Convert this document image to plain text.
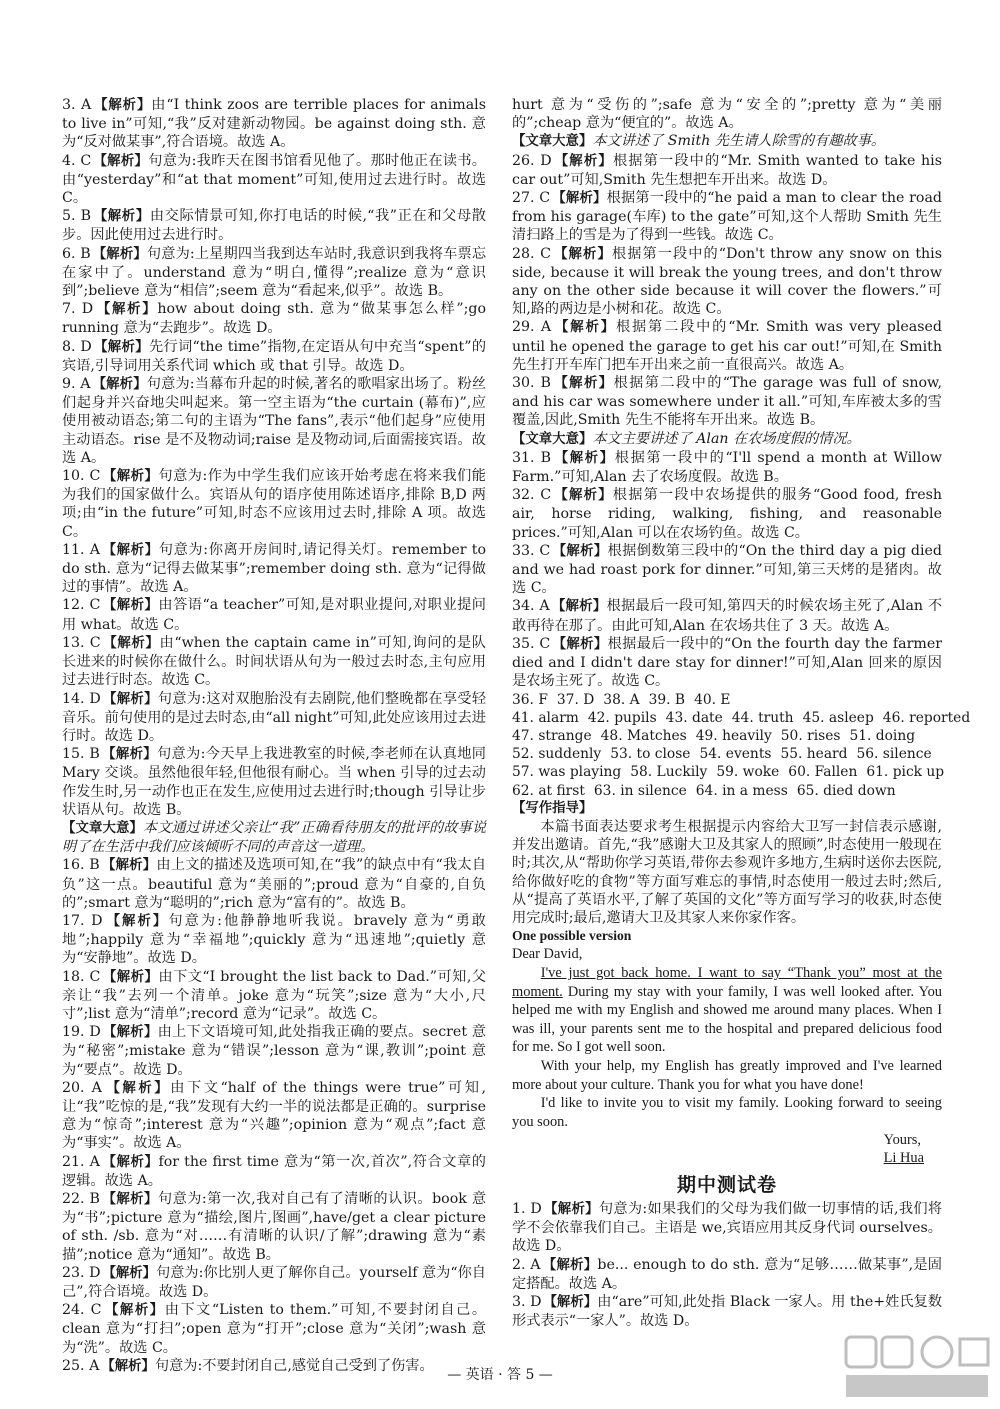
3. A 【解析】由“I think zoos are terrible places for animals to live in”可知,“我”反对建新动物园。be against doing sth. 意为“反对做某事”,符合语境。故选 A。

4. C 【解析】句意为:我昨天在图书馆看见他了。那时他正在读书。由“yesterday”和“at that moment”可知,使用过去进行时。故选 C。

5. B 【解析】由交际情景可知,你打电话的时候,“我”正在和父母散步。因此使用过去进行时。

6. B 【解析】句意为:上星期四当我到达车站时,我意识到我将车票忘在家中了。understand 意为“明白,懂得”;realize 意为“意识到”;believe 意为“相信”;seem 意为“看起来,似乎”。故选 B。

7. D 【解析】how about doing sth. 意为“做某事怎么样”;go running 意为“去跑步”。故选 D。

8. D 【解析】先行词“the time”指物,在定语从句中充当“spent”的宾语,引导词用关系代词 which 或 that 引导。故选 D。

9. A 【解析】句意为:当幕布升起的时候,著名的歌唱家出场了。粉丝们起身并兴奋地尖叫起来。第一空主语为“the curtain (幕布)”,应使用被动语态;第二句的主语为“The fans”,表示“他们起身”应使用主动语态。rise 是不及物动词;raise 是及物动词,后面需接宾语。故选 A。

10. C 【解析】句意为:作为中学生我们应该开始考虑在将来我们能为我们的国家做什么。宾语从句的语序使用陈述语序,排除 B,D 两项;由“in the future”可知,时态不应该用过去时,排除 A 项。故选 C。

11. A 【解析】句意为:你离开房间时,请记得关灯。remember to do sth. 意为“记得去做某事”;remember doing sth. 意为“记得做过的事情”。故选 A。

12. C 【解析】由答语“a teacher”可知,是对职业提问,对职业提问用 what。故选 C。

13. C 【解析】由“when the captain came in”可知,询问的是队长进来的时候你在做什么。时间状语从句为一般过去时态,主句应用过去进行时态。故选 C。

14. D 【解析】句意为:这对双胞胎没有去剧院,他们整晚都在享受轻音乐。前句使用的是过去时态,由“all night”可知,此处应该用过去进行时。故选 D。

15. B 【解析】句意为:今天早上我进教室的时候,李老师在认真地同 Mary 交谈。虽然他很年轻,但他很有耐心。当 when 引导的过去动作发生时,另一动作也正在发生,应使用过去进行时;though 引导让步状语从句。故选 B。

【文章大意】本文通过讲述父亲让“我”正确看待朋友的批评的故事说明了在生活中我们应该倾听不同的声音这一道理。

16. B 【解析】由上文的描述及选项可知,在“我”的缺点中有“我太自负”这一点。beautiful 意为“美丽的”;proud 意为“自豪的,自负的”;smart 意为“聪明的”;rich 意为“富有的”。故选 B。

17. D 【解析】句意为:他静静地听我说。bravely 意为“勇敢地”;happily 意为“幸福地”;quickly 意为“迅速地”;quietly 意为“安静地”。故选 D。

18. C 【解析】由下文“I brought the list back to Dad.”可知,父亲让“我”去列一个清单。joke 意为“玩笑”;size 意为“大小,尺寸”;list 意为“清单”;record 意为“记录”。故选 C。

19. D 【解析】由上下文语境可知,此处指我正确的要点。secret 意为“秘密”;mistake 意为“错误”;lesson 意为“课,教训”;point 意为“要点”。故选 D。

20. A 【解析】由下文“half of the things were true”可知,让“我”吃惊的是,“我”发现有大约一半的说法都是正确的。surprise 意为“惊奇”;interest 意为“兴趣”;opinion 意为“观点”;fact 意为“事实”。故选 A。

21. A 【解析】for the first time 意为“第一次,首次”,符合文章的逻辑。故选 A。

22. B 【解析】句意为:第一次,我对自己有了清晰的认识。book 意为“书”;picture 意为“描绘,图片,图画”,have/get a clear picture of sth. /sb. 意为“对……有清晰的认识/了解”;drawing 意为“素描”;notice 意为“通知”。故选 B。

23. D 【解析】句意为:你比别人更了解你自己。yourself 意为“你自己”,符合语境。故选 D。

24. C 【解析】由下文“Listen to them.”可知,不要封闭自己。clean 意为“打扫”;open 意为“打开”;close 意为“关闭”;wash 意为“洗”。故选 C。

25. A 【解析】句意为:不要封闭自己,感觉自己受到了伤害。

hurt 意为“受伤的”;safe 意为“安全的”;pretty 意为“美丽的”;cheap 意为“便宜的”。故选 A。

【文章大意】本文讲述了 Smith 先生请人除雪的有趣故事。

26. D 【解析】根据第一段中的“Mr. Smith wanted to take his car out”可知,Smith 先生想把车开出来。故选 D。

27. C 【解析】根据第一段中的“he paid a man to clear the road from his garage(车库) to the gate”可知,这个人帮助 Smith 先生清扫路上的雪是为了得到一些钱。故选 C。

28. C 【解析】根据第一段中的“Don't throw any snow on this side, because it will break the young trees, and don't throw any on the other side because it will cover the flowers.”可知,路的两边是小树和花。故选 C。

29. A 【解析】根据第二段中的“Mr. Smith was very pleased until he opened the garage to get his car out!”可知,在 Smith 先生打开车库门把车开出来之前一直很高兴。故选 A。

30. B 【解析】根据第二段中的“The garage was full of snow, and his car was somewhere under it all.”可知,车库被太多的雪覆盖,因此,Smith 先生不能将车开出来。故选 B。

【文章大意】本文主要讲述了 Alan 在农场度假的情况。

31. B 【解析】根据第一段中的“I'll spend a month at Willow Farm.”可知,Alan 去了农场度假。故选 B。

32. C 【解析】根据第一段中农场提供的服务“Good food, fresh air, horse riding, walking, fishing, and reasonable prices.”可知,Alan 可以在农场钓鱼。故选 C。

33. C 【解析】根据倒数第三段中的“On the third day a pig died and we had roast pork for dinner.”可知,第三天烤的是猪肉。故选 C。

34. A 【解析】根据最后一段可知,第四天的时候农场主死了,Alan 不敢再待在那了。由此可知,Alan 在农场共住了 3 天。故选 A。

35. C 【解析】根据最后一段中的“On the fourth day the farmer died and I didn't dare stay for dinner!”可知,Alan 回来的原因是农场主死了。故选 C。

36. F 37. D 38. A 39. B 40. E

41. alarm 42. pupils 43. date 44. truth 45. asleep 46. reported

47. strange 48. Matches 49. heavily 50. rises 51. doing

52. suddenly 53. to close 54. events 55. heard 56. silence

57. was playing 58. Luckily 59. woke 60. Fallen 61. pick up

62. at first 63. in silence 64. in a mess 65. died down

【写作指导】

本篇书面表达要求考生根据提示内容给大卫写一封信表示感谢,并发出邀请。首先,“我”感谢大卫及其家人的照顾”,时态使用一般现在时;其次,从“帮助你学习英语,带你去参观许多地方,生病时送你去医院,给你做好吃的食物”等方面写难忘的事情,时态使用一般过去时;然后,从“提高了英语水平,了解了英国的文化”等方面写学习的收获,时态使用完成时;最后,邀请大卫及其家人来你家作客。

One possible version

Dear David,

I've just got back home. I want to say “Thank you” most at the moment. During my stay with your family, I was well looked after. You helped me with my English and showed me around many places. When I was ill, your parents sent me to the hospital and prepared delicious food for me. So I got well soon.

With your help, my English has greatly improved and I've learned more about your culture. Thank you for what you have done!

I'd like to invite you to visit my family. Looking forward to seeing you soon.

Yours,
Li Hua
期中测试卷

1. D 【解析】句意为:如果我们的父母为我们做一切事情的话,我们将学不会依靠我们自己。主语是 we,宾语应用其反身代词 ourselves。故选 D。

2. A 【解析】be... enough to do sth. 意为“足够……做某事”,是固定搭配。故选 A。

3. D 【解析】由“are”可知,此处指 Black 一家人。用 the+姓氏复数形式表示“一家人”。故选 D。

— 英语 · 答 5 —
